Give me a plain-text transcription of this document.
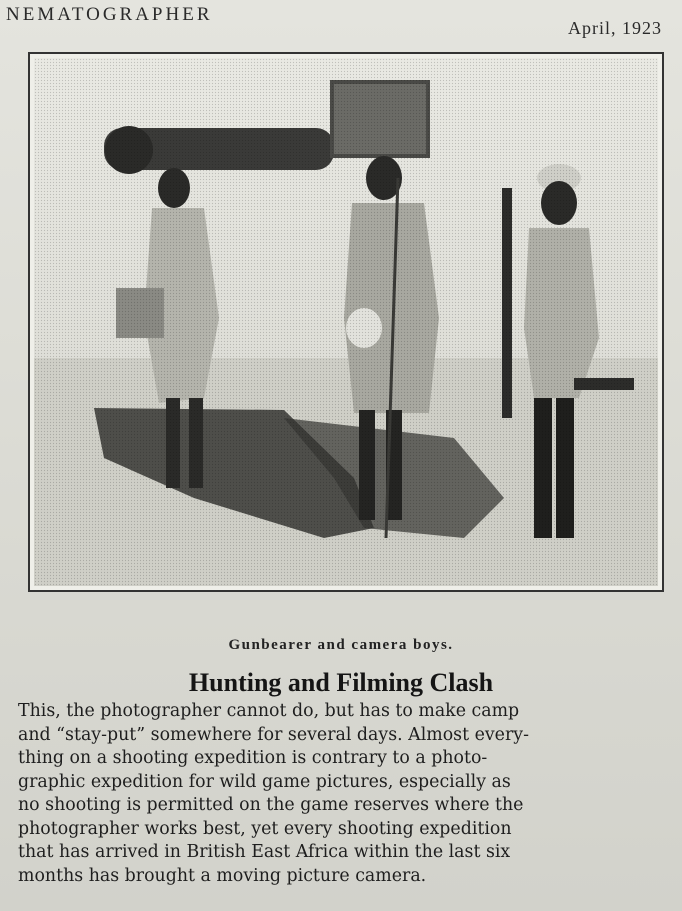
NEMATOGRAPHER
April, 1923
Gunbearer and camera boys.
Hunting and Filming Clash
This, the photographer cannot do, but has to make camp
and “stay-put” somewhere for several days. Almost every-
thing on a shooting expedition is contrary to a photo-
graphic expedition for wild game pictures, especially as
no shooting is permitted on the game reserves where the
photographer works best, yet every shooting expedition
that has arrived in British East Africa within the last six
months has brought a moving picture camera.
